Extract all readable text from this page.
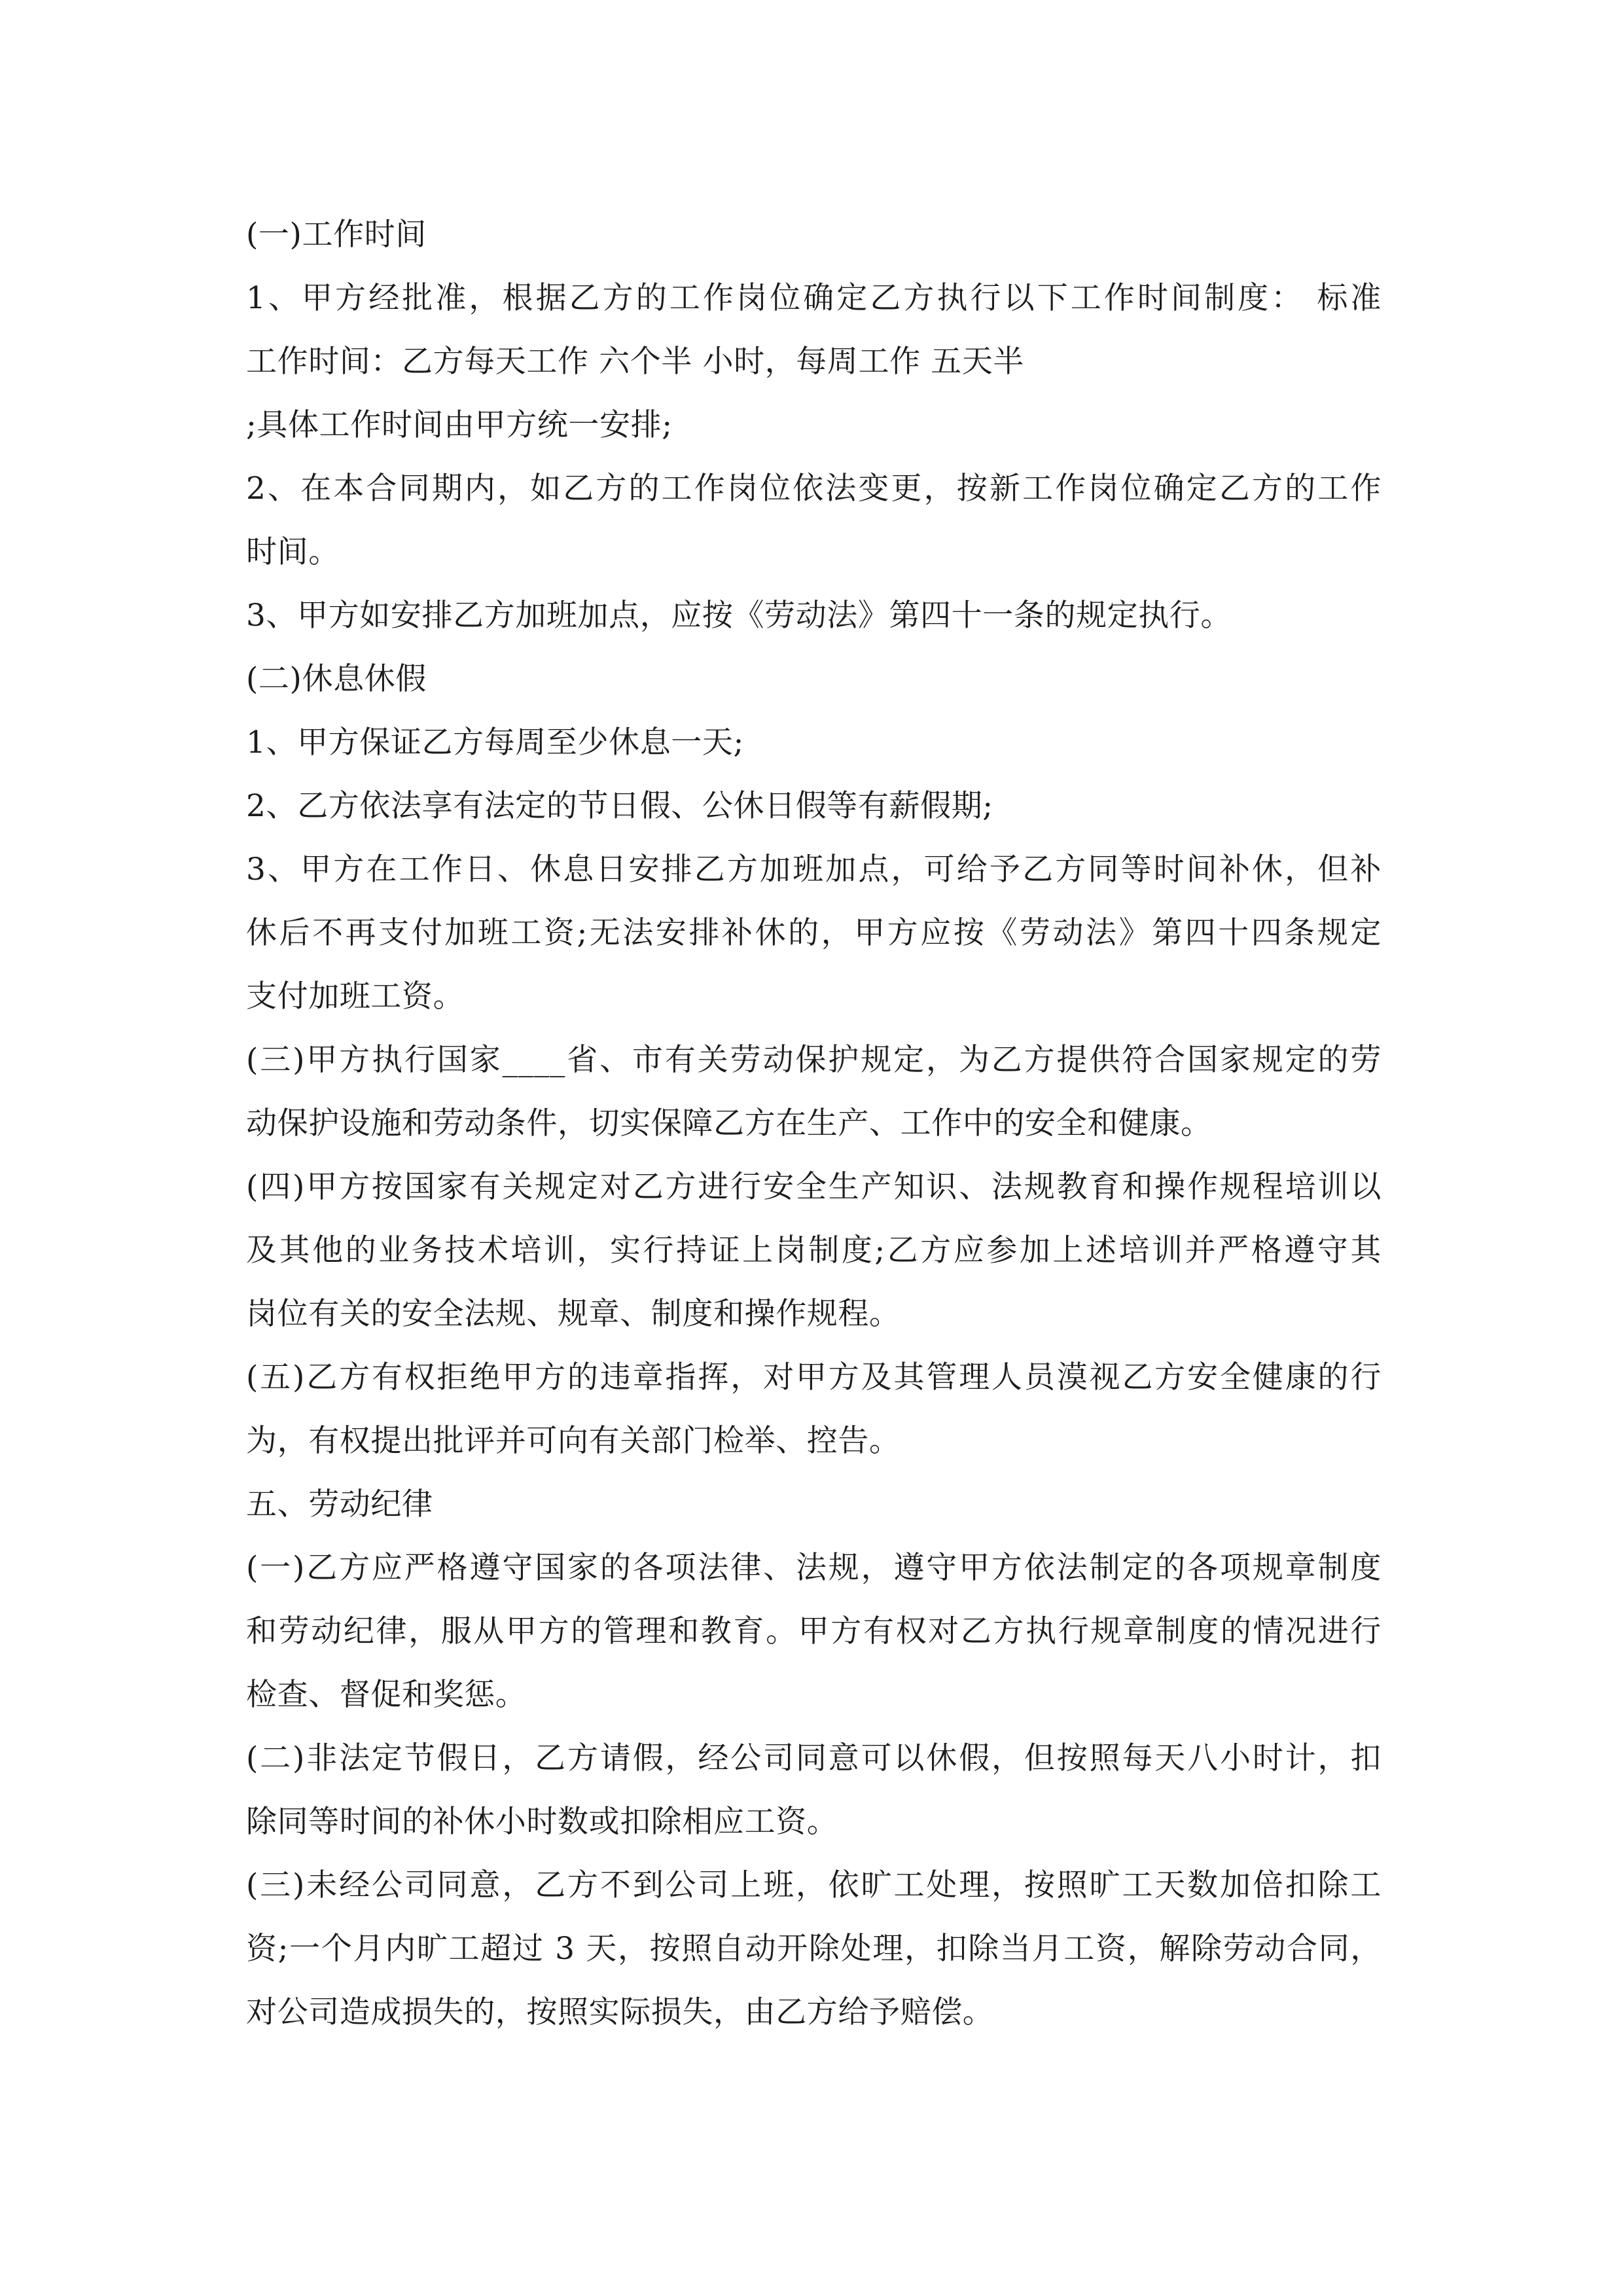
(一)工作时间
1、甲方经批准，根据乙方的工作岗位确定乙方执行以下工作时间制度： 标准
工作时间：乙方每天工作 六个半 小时，每周工作 五天半
;具体工作时间由甲方统一安排;
2、在本合同期内，如乙方的工作岗位依法变更，按新工作岗位确定乙方的工作
时间。
3、甲方如安排乙方加班加点，应按《劳动法》第四十一条的规定执行。
(二)休息休假
1、甲方保证乙方每周至少休息一天;
2、乙方依法享有法定的节日假、公休日假等有薪假期;
3、甲方在工作日、休息日安排乙方加班加点，可给予乙方同等时间补休，但补
休后不再支付加班工资;无法安排补休的，甲方应按《劳动法》第四十四条规定
支付加班工资。
(三)甲方执行国家____省、市有关劳动保护规定，为乙方提供符合国家规定的劳
动保护设施和劳动条件，切实保障乙方在生产、工作中的安全和健康。
(四)甲方按国家有关规定对乙方进行安全生产知识、法规教育和操作规程培训以
及其他的业务技术培训，实行持证上岗制度;乙方应参加上述培训并严格遵守其
岗位有关的安全法规、规章、制度和操作规程。
(五)乙方有权拒绝甲方的违章指挥，对甲方及其管理人员漠视乙方安全健康的行
为，有权提出批评并可向有关部门检举、控告。
五、劳动纪律
(一)乙方应严格遵守国家的各项法律、法规，遵守甲方依法制定的各项规章制度
和劳动纪律，服从甲方的管理和教育。甲方有权对乙方执行规章制度的情况进行
检查、督促和奖惩。
(二)非法定节假日，乙方请假，经公司同意可以休假，但按照每天八小时计，扣
除同等时间的补休小时数或扣除相应工资。
(三)未经公司同意，乙方不到公司上班，依旷工处理，按照旷工天数加倍扣除工
资;一个月内旷工超过 3 天，按照自动开除处理，扣除当月工资，解除劳动合同，
对公司造成损失的，按照实际损失，由乙方给予赔偿。
